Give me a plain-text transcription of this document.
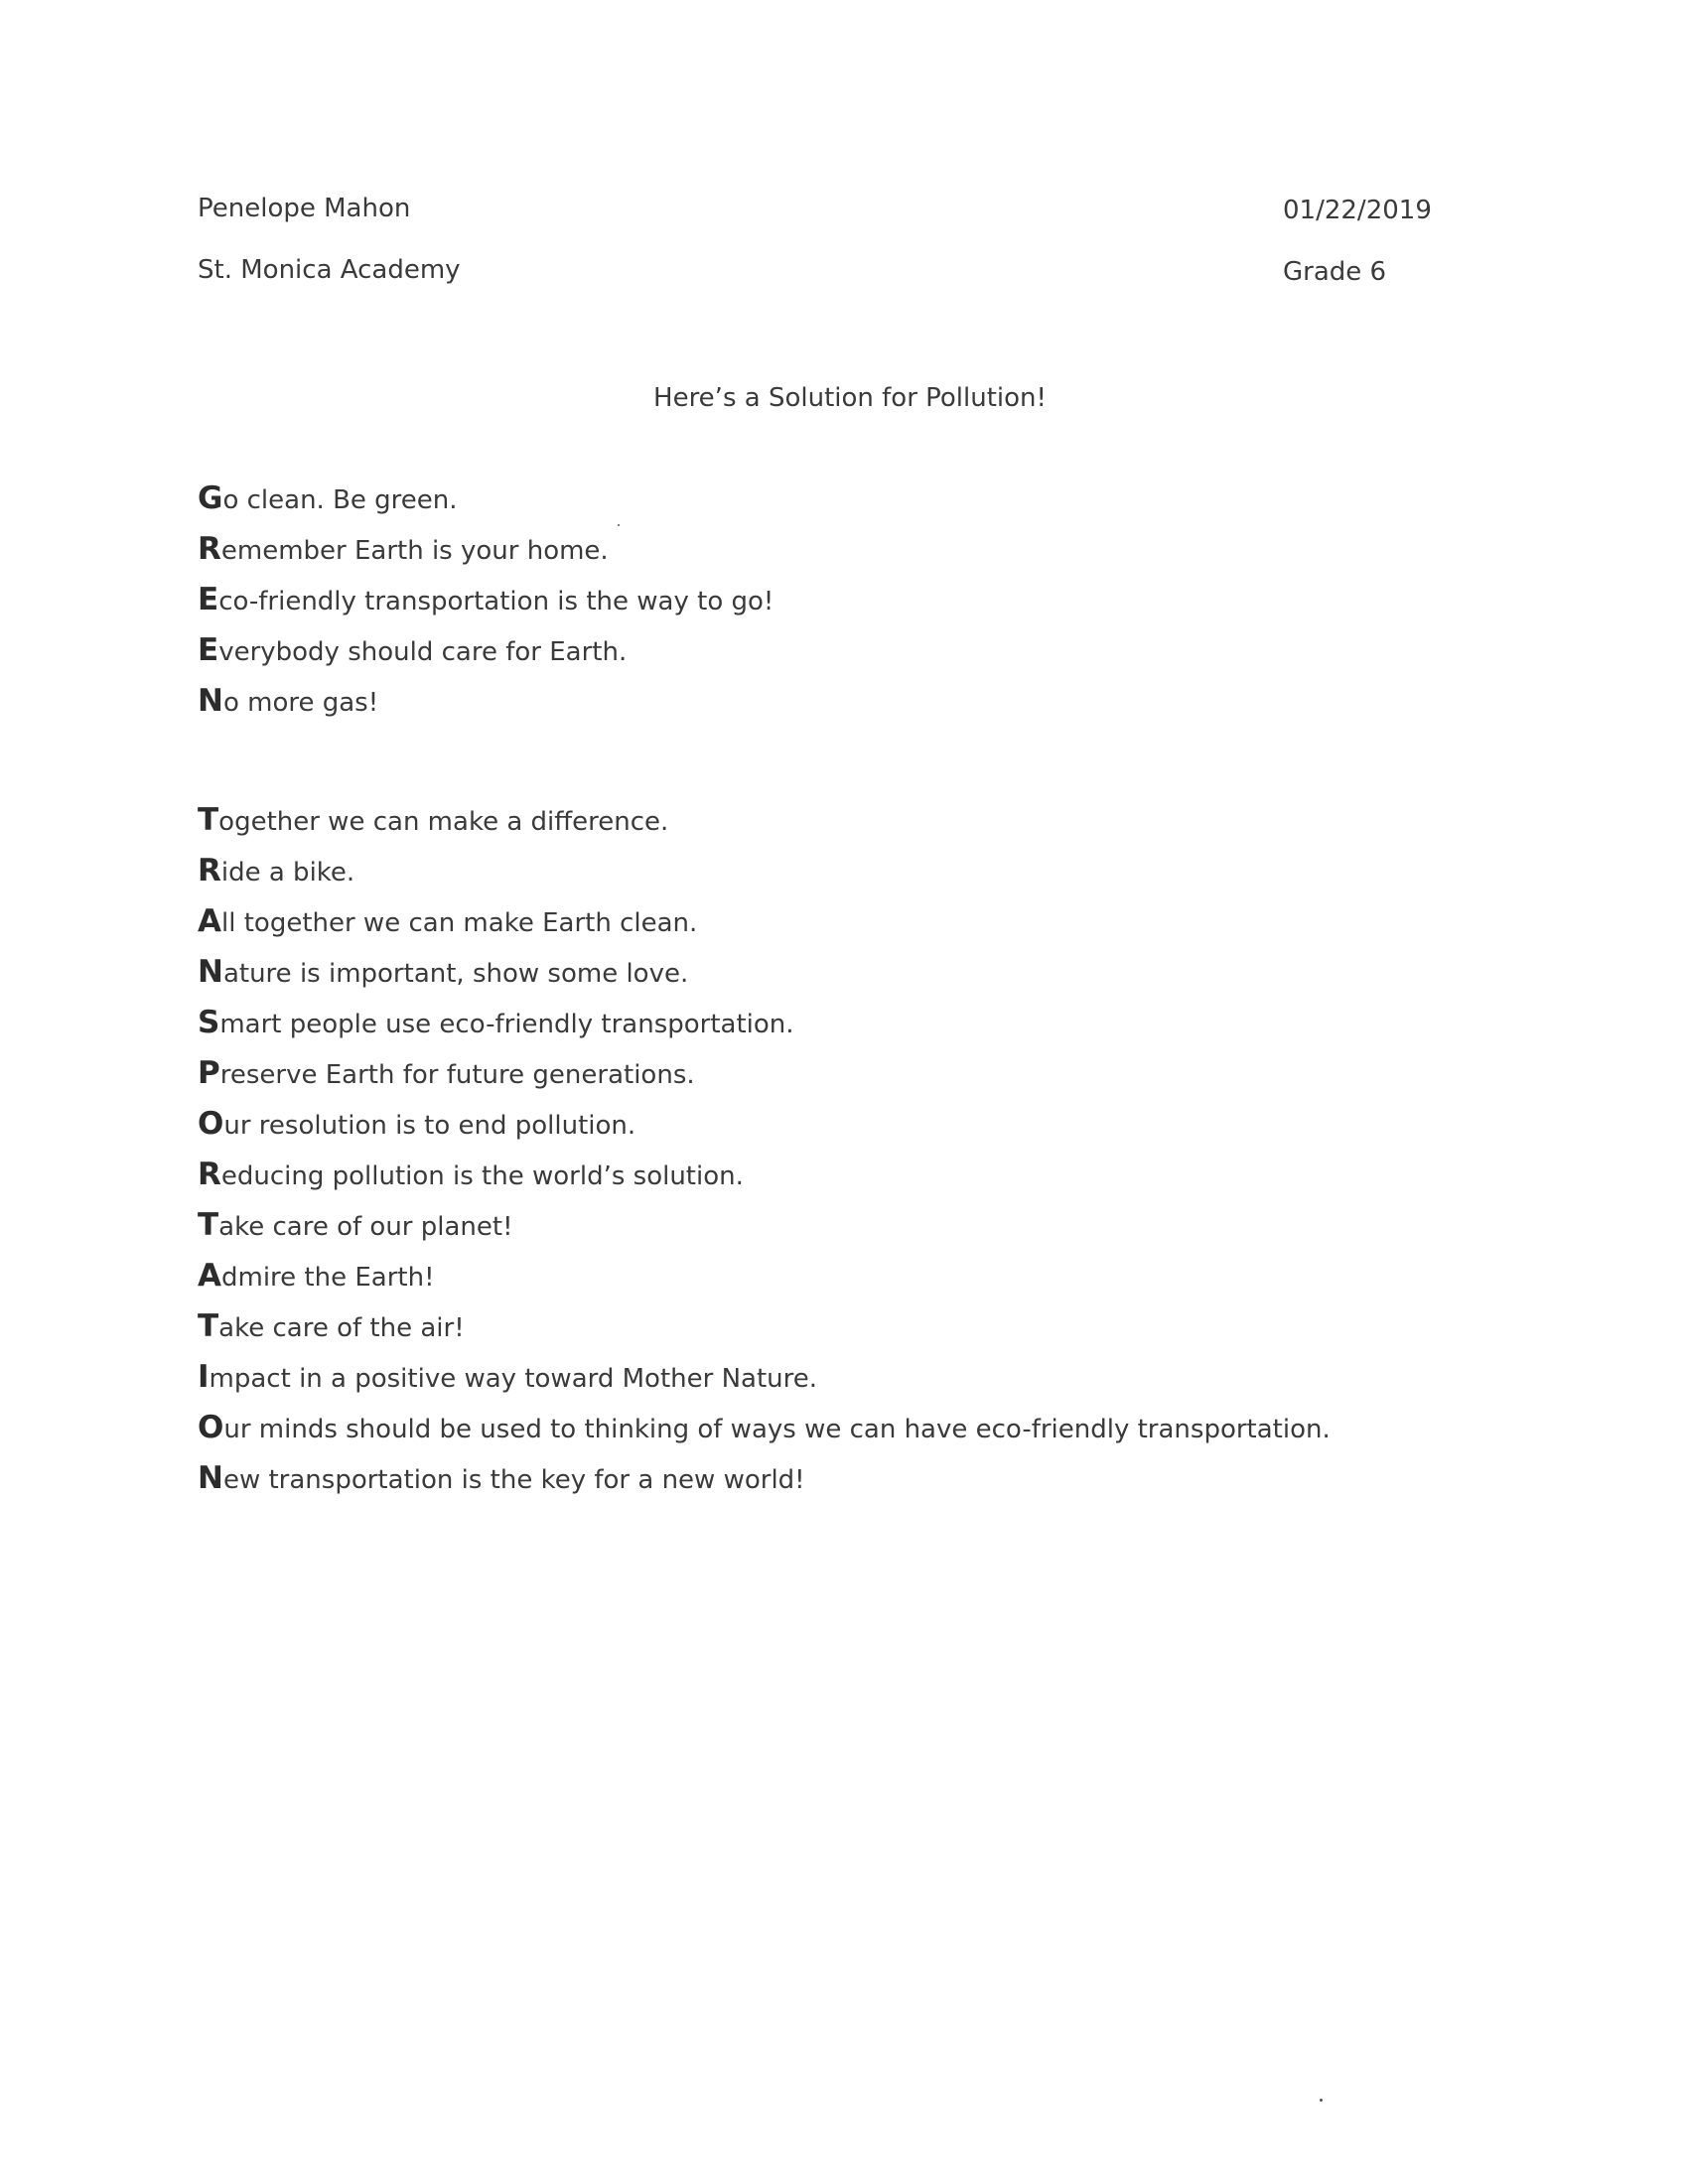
Penelope Mahon
St. Monica Academy
01/22/2019
Grade 6
Here’s a Solution for Pollution!
Go clean. Be green.
Remember Earth is your home.
Eco-friendly transportation is the way to go!
Everybody should care for Earth.
No more gas!
Together we can make a difference.
Ride a bike.
All together we can make Earth clean.
Nature is important, show some love.
Smart people use eco-friendly transportation.
Preserve Earth for future generations.
Our resolution is to end pollution.
Reducing pollution is the world’s solution.
Take care of our planet!
Admire the Earth!
Take care of the air!
Impact in a positive way toward Mother Nature.
Our minds should be used to thinking of ways we can have eco-friendly transportation.
New transportation is the key for a new world!
